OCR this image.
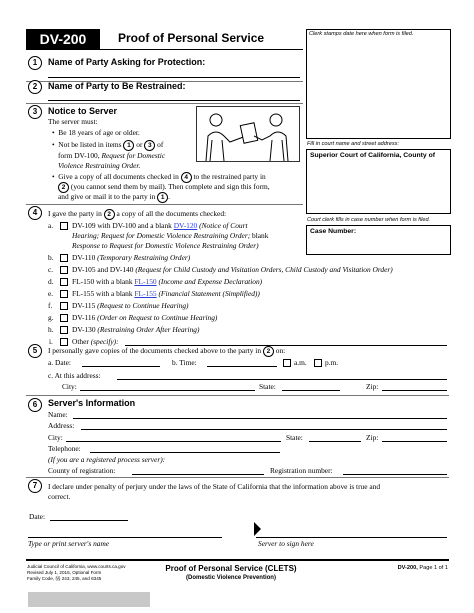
DV-200	Proof of Personal Service	Clerk stamps date here when form is filed.
Fill in court name and street address:
Superior Court of California, County of
Court clerk fills in case number when form is filed.
Case Number:
1	Name of Party Asking for Protection:
2	Name of Party to Be Restrained:
3	Notice to Server
The server must:
•  Be 18 years of age or older.
•  Not be listed in items 1 or 3 of
form DV-100, Request for Domestic
Violence Restraining Order.
•  Give a copy of all documents checked in 4 to the restrained party in
2 (you cannot send them by mail). Then complete and sign this form,
and give or mail it to the party in 1 .
4	I gave the party in 2 a copy of all the documents checked:
a.	DV-109 with DV-100 and a blank DV-120 (Notice of Court
Hearing; Request for Domestic Violence Restraining Order; blank
Response to Request for Domestic Violence Restraining Order)
b. DV-110 (Temporary Restraining Order)
c.	DV-105 and DV-140 (Request for Child Custody and Visitation Orders, Child Custody and Visitation Order)
d. FL-150 with a blank FL-150 (Income and Expense Declaration)
e.	FL-155 with a blank FL-155 (Financial Statement (Simplified))
f.	DV-115 (Request to Continue Hearing)
g. DV-116 (Order on Request to Continue Hearing)
h. DV-130 (Restraining Order After Hearing)
i.	Other (specify):
5	I personally gave copies of the documents checked above to the party in 2 on:
a. Date:	b. Time:	a.m. p.m.
c. At this address:
City:	State:	Zip:
6	Server's Information
Name:
Address:
City:	State:	Zip:
Telephone:
(If you are a registered process server):
County of registration:	Registration number:
7	I declare under penalty of perjury under the laws of the State of California that the information above is true and
correct.
Date:
Type or print server's name	Server to sign here
Judicial Council of California, www.courts.ca.gov
Revised July 1, 2016, Optional Form
Family Code, §§ 243, 245, and 6345
Proof of Personal Service (CLETS)
(Domestic Violence Prevention)
DV-200, Page 1 of 1
